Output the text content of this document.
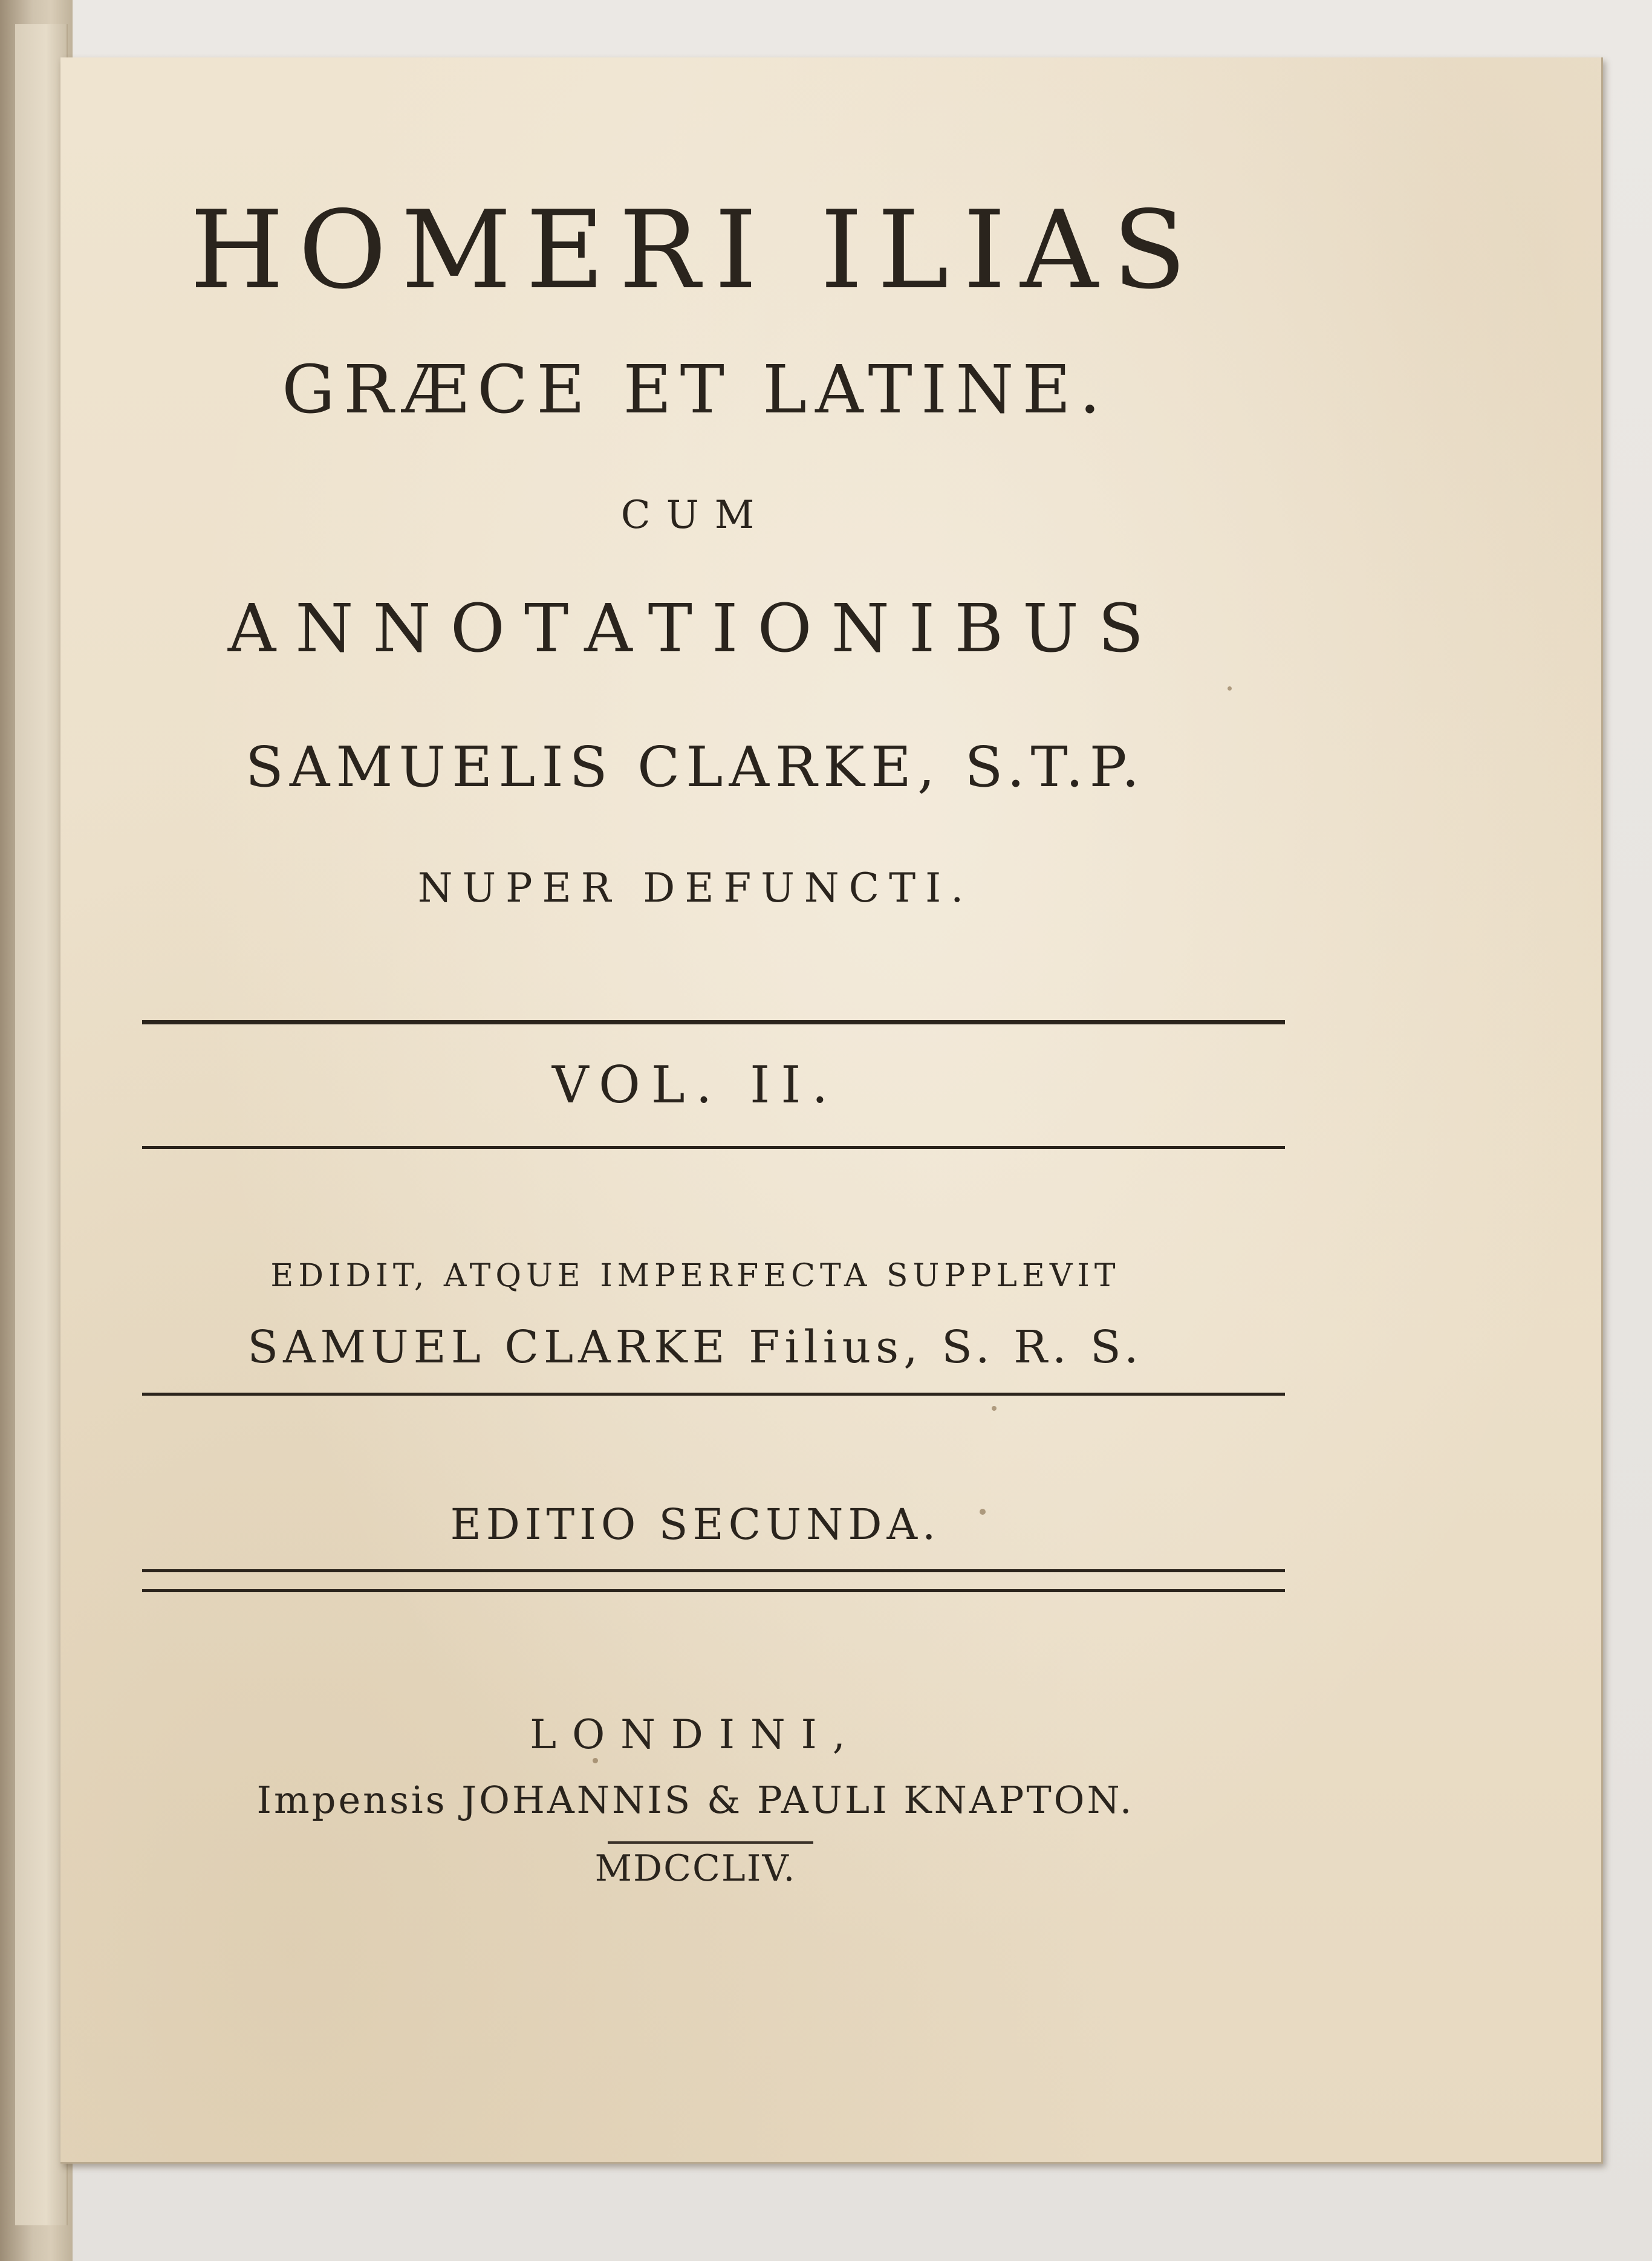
HOMERI ILIAS
GRÆCE ET LATINE.
CUM
ANNOTATIONIBUS
SAMUELIS CLARKE, S.T.P.
NUPER DEFUNCTI.
VOL. II.
EDIDIT, ATQUE IMPERFECTA SUPPLEVIT
SAMUEL CLARKE Filius, S. R. S.
EDITIO SECUNDA.
LONDINI,
Impensis JOHANNIS & PAULI KNAPTON.
MDCCLIV.
